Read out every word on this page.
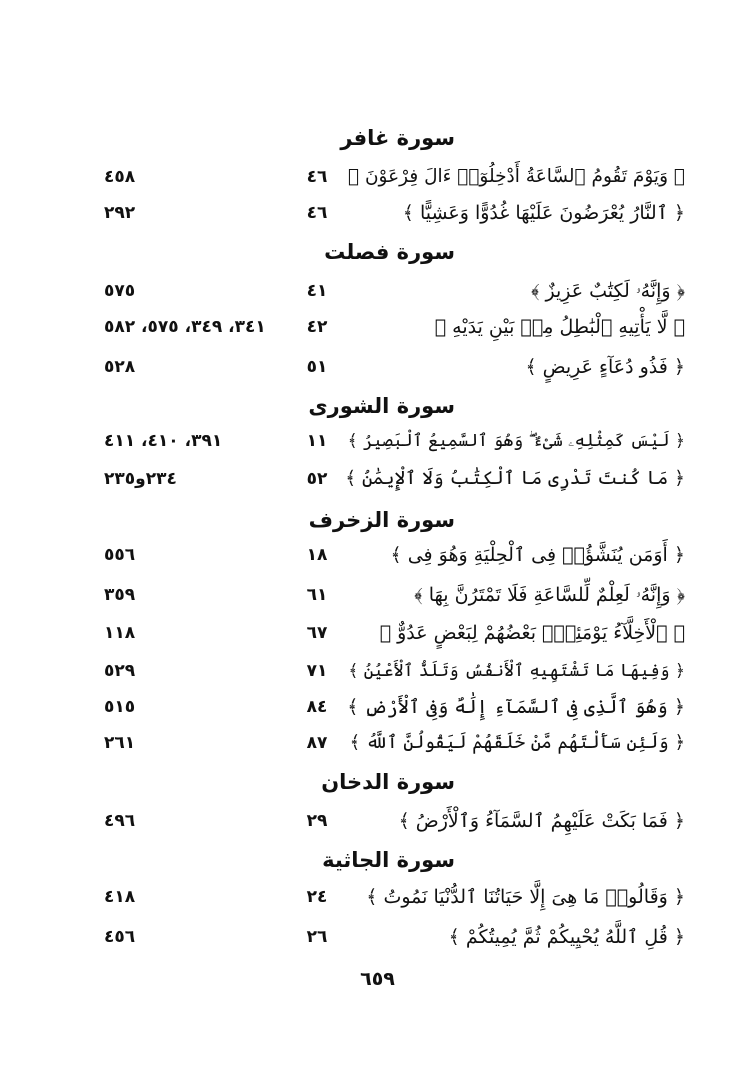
سورة غافر
﴿ وَيَوْمَ تَقُومُ ٱلسَّاعَةُ أَدْخِلُوٓا۟ ءَالَ فِرْعَوْنَ ﴾
٤٦
٤٥٨
﴿ ٱلنَّارُ يُعْرَضُونَ عَلَيْهَا غُدُوًّا وَعَشِيًّا ﴾
٤٦
٢٩٢
سورة فصلت
﴿ وَإِنَّهُۥ لَكِتَٰبٌ عَزِيزٌ ﴾
٤١
٥٧٥
﴿ لَّا يَأْتِيهِ ٱلْبَٰطِلُ مِنۢ بَيْنِ يَدَيْهِ ﴾
٤٢
٣٤١، ٣٤٩، ٥٧٥، ٥٨٢
﴿ فَذُو دُعَآءٍ عَرِيضٍ ﴾
٥١
٥٢٨
سورة الشورى
﴿ لَيْسَ كَمِثْلِهِۦ شَىْءٌ ۖ وَهُوَ ٱلسَّمِيعُ ٱلْبَصِيرُ ﴾
١١
٣٩١، ٤١٠، ٤١١
﴿ مَا كُنتَ تَدْرِى مَا ٱلْكِتَٰبُ وَلَا ٱلْإِيمَٰنُ ﴾
٥٢
٢٣٤و٢٣٥
سورة الزخرف
﴿ أَوَمَن يُنَشَّؤُا۟ فِى ٱلْحِلْيَةِ وَهُوَ فِى ﴾
١٨
٥٥٦
﴿ وَإِنَّهُۥ لَعِلْمٌ لِّلسَّاعَةِ فَلَا تَمْتَرُنَّ بِهَا ﴾
٦١
٣٥٩
﴿ ٱلْأَخِلَّآءُ يَوْمَئِذٍۭ بَعْضُهُمْ لِبَعْضٍ عَدُوٌّ ﴾
٦٧
١١٨
﴿ وَفِيهَا مَا تَشْتَهِيهِ ٱلْأَنفُسُ وَتَلَذُّ ٱلْأَعْيُنُ ﴾
٧١
٥٢٩
﴿ وَهُوَ ٱلَّذِى فِى ٱلسَّمَآءِ إِلَٰهٌ وَفِى ٱلْأَرْضِ ﴾
٨٤
٥١٥
﴿ وَلَئِن سَأَلْتَهُم مَّنْ خَلَقَهُمْ لَيَقُولُنَّ ٱللَّهُ ﴾
٨٧
٢٦١
سورة الدخان
﴿ فَمَا بَكَتْ عَلَيْهِمُ ٱلسَّمَآءُ وَٱلْأَرْضُ ﴾
٢٩
٤٩٦
سورة الجاثية
﴿ وَقَالُوا۟ مَا هِىَ إِلَّا حَيَاتُنَا ٱلدُّنْيَا نَمُوتُ ﴾
٢٤
٤١٨
﴿ قُلِ ٱللَّهُ يُحْيِيكُمْ ثُمَّ يُمِيتُكُمْ ﴾
٢٦
٤٥٦
٦٥٩
